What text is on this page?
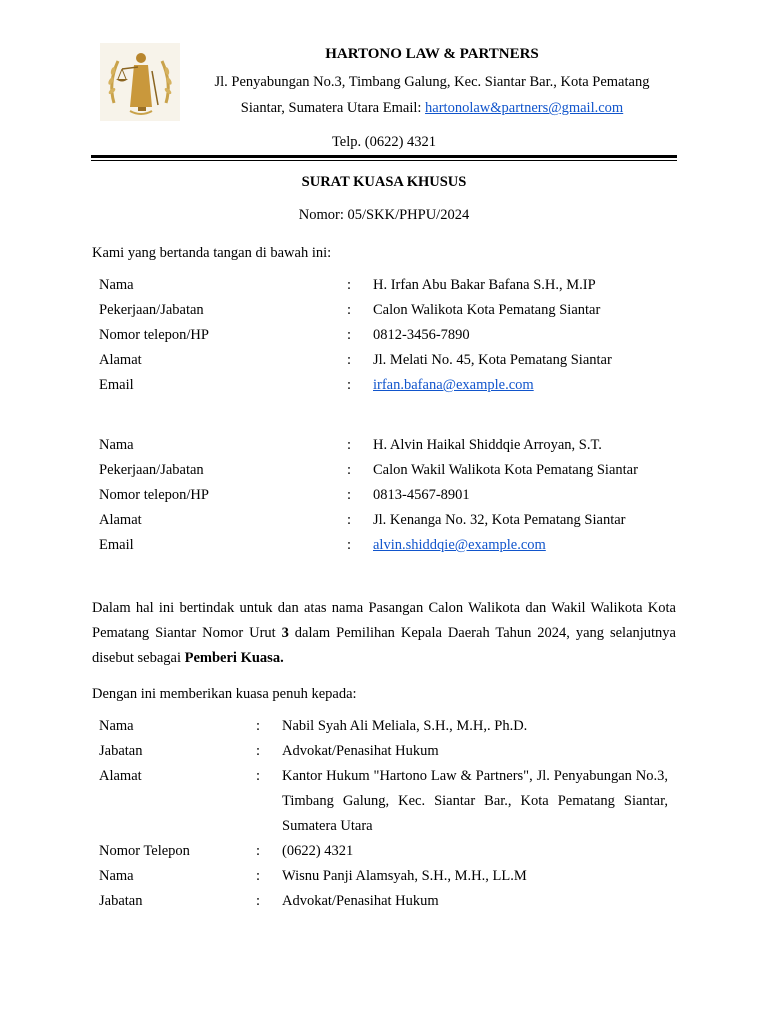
HARTONO LAW & PARTNERS
Jl. Penyabungan No.3, Timbang Galung, Kec. Siantar Bar., Kota Pematang
Siantar, Sumatera Utara Email: hartonolaw&partners@gmail.com
Telp. (0622) 4321
SURAT KUASA KHUSUS
Nomor: 05/SKK/PHPU/2024
Kami yang bertanda tangan di bawah ini:
Nama	: H. Irfan Abu Bakar Bafana S.H., M.IP
Pekerjaan/Jabatan	: Calon Walikota Kota Pematang Siantar
Nomor telepon/HP	: 0812-3456-7890
Alamat	: Jl. Melati No. 45, Kota Pematang Siantar
Email	: irfan.bafana@example.com
Nama	: H. Alvin Haikal Shiddqie Arroyan, S.T.
Pekerjaan/Jabatan	: Calon Wakil Walikota Kota Pematang Siantar
Nomor telepon/HP	: 0813-4567-8901
Alamat	: Jl. Kenanga No. 32, Kota Pematang Siantar
Email	: alvin.shiddqie@example.com
Dalam hal ini bertindak untuk dan atas nama Pasangan Calon Walikota dan Wakil Walikota Kota Pematang Siantar Nomor Urut 3 dalam Pemilihan Kepala Daerah Tahun 2024, yang selanjutnya disebut sebagai Pemberi Kuasa.
Dengan ini memberikan kuasa penuh kepada:
Nama	: Nabil Syah Ali Meliala, S.H., M.H,. Ph.D.
Jabatan	: Advokat/Penasihat Hukum
Alamat	: Kantor Hukum "Hartono Law & Partners", Jl. Penyabungan No.3, Timbang Galung, Kec. Siantar Bar., Kota Pematang Siantar, Sumatera Utara
Nomor Telepon	: (0622) 4321
Nama	: Wisnu Panji Alamsyah, S.H., M.H., LL.M
Jabatan	: Advokat/Penasihat Hukum
